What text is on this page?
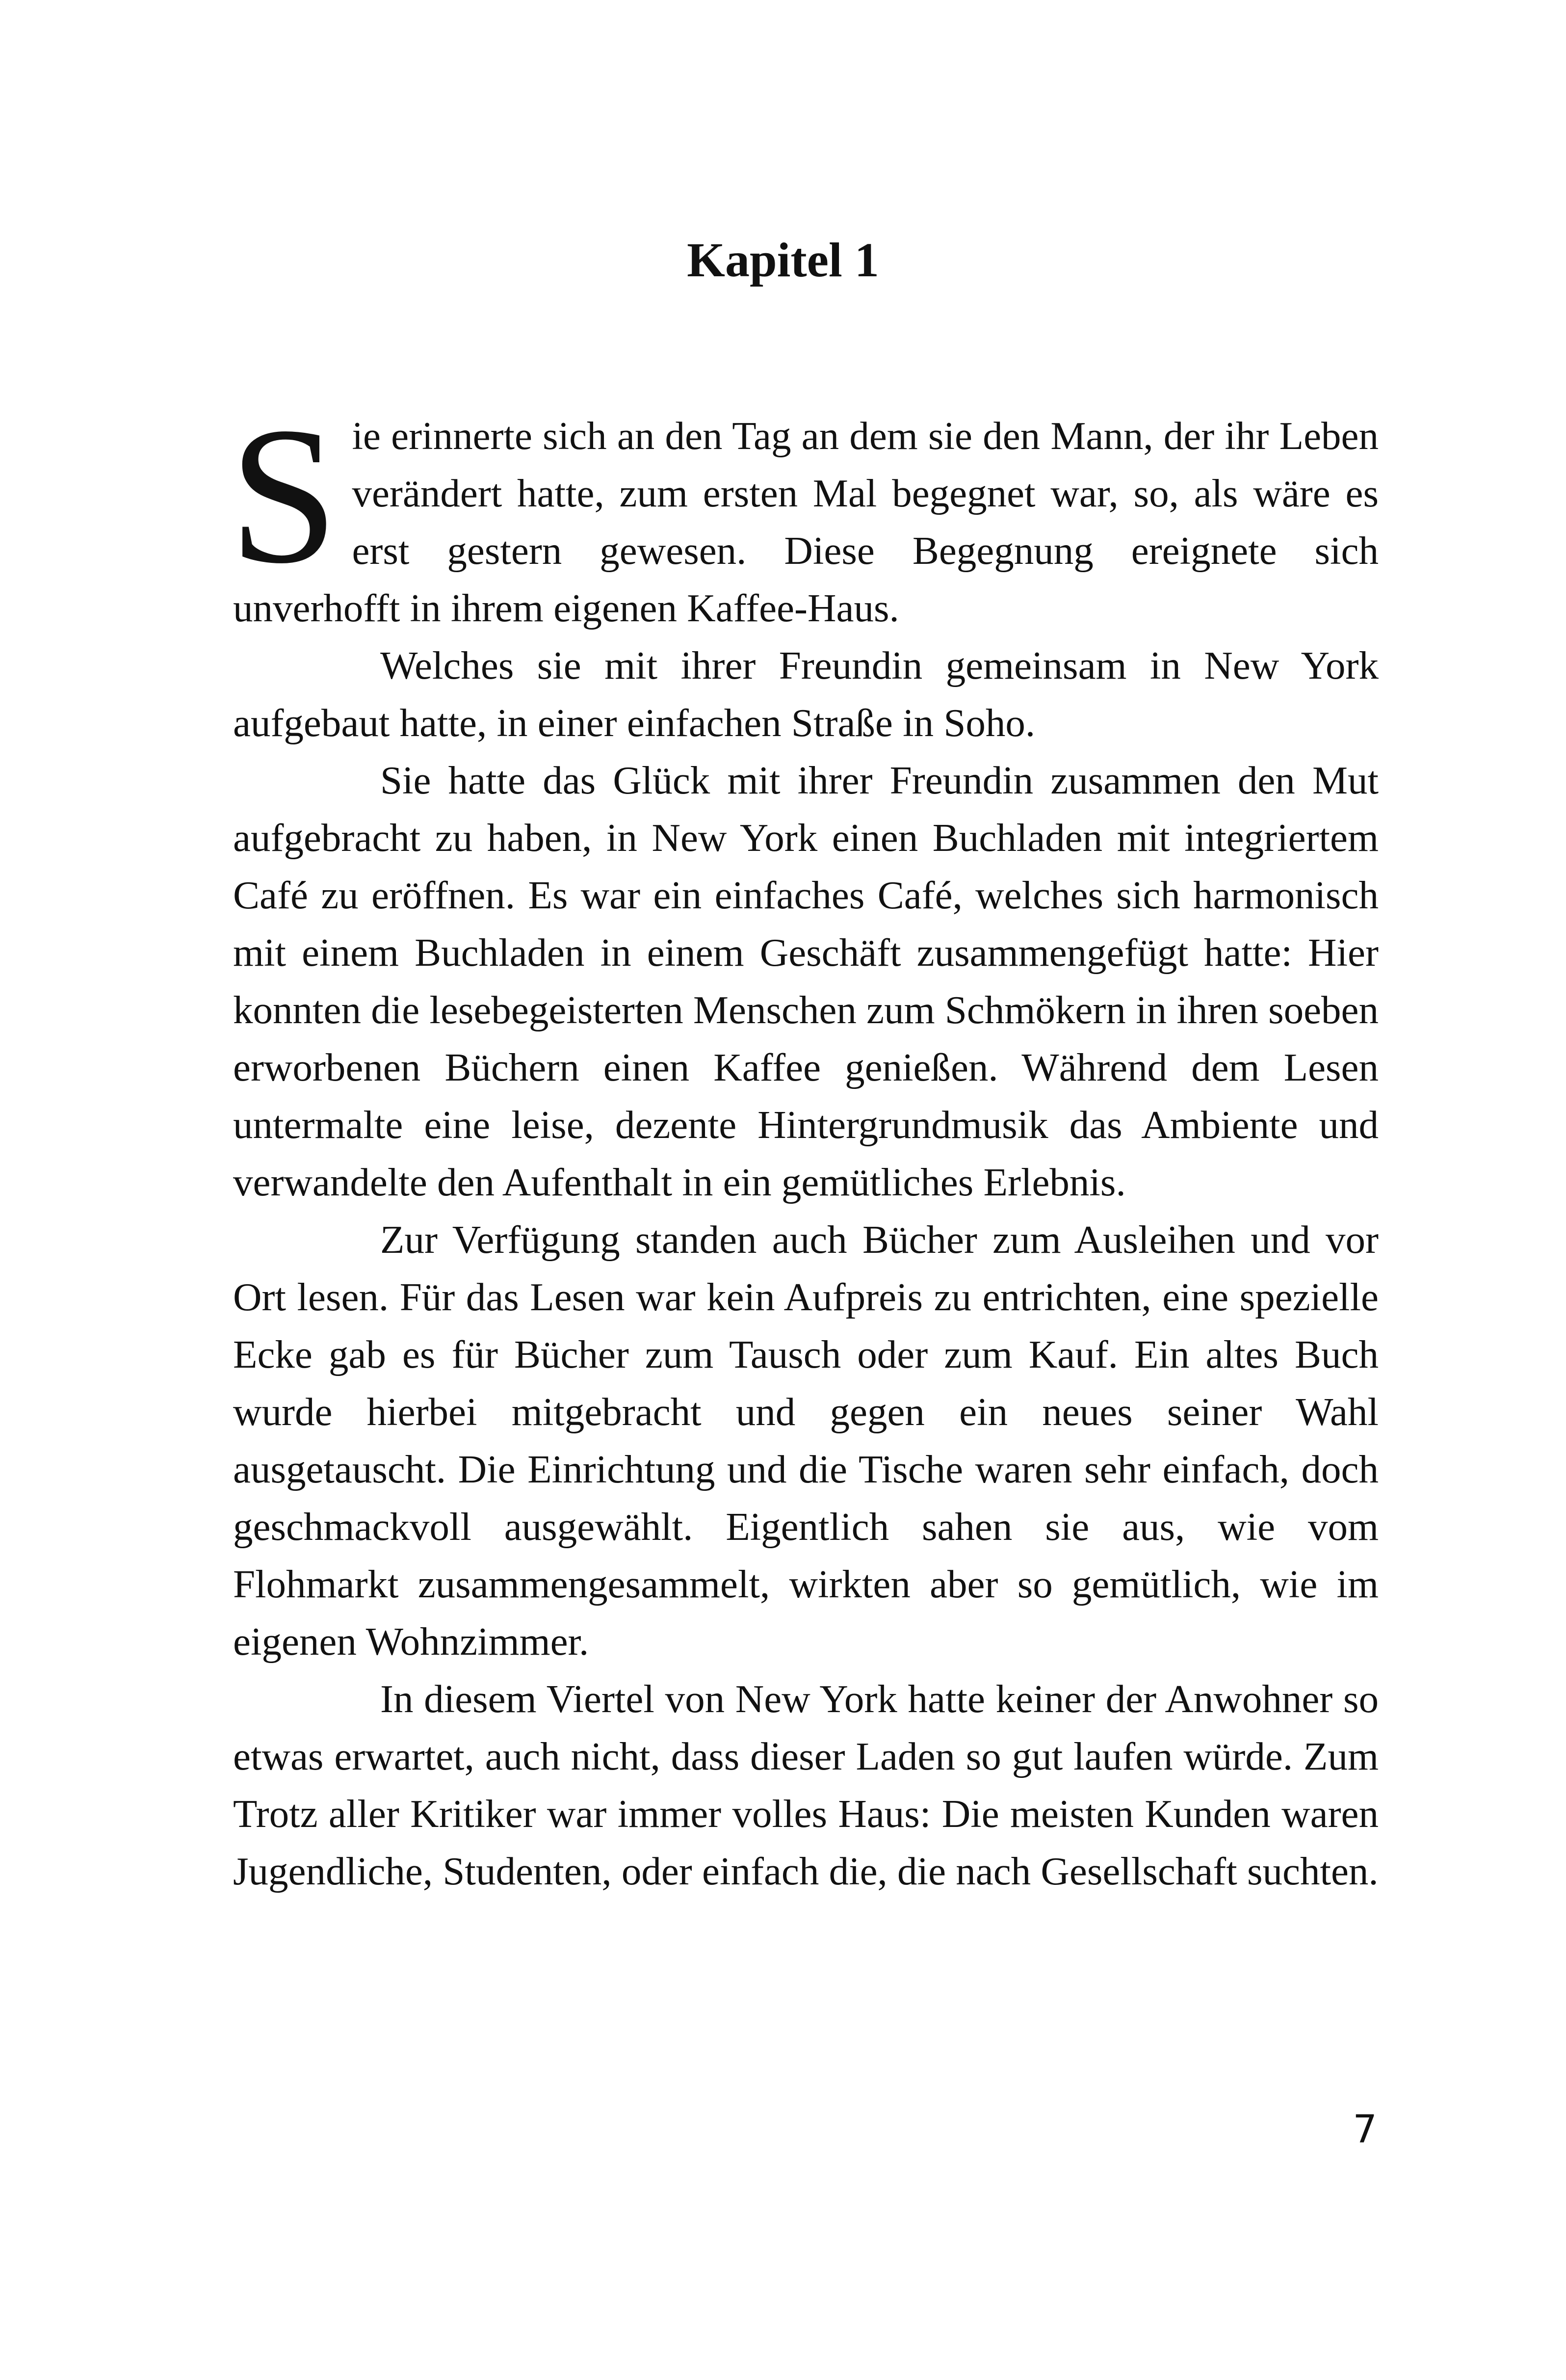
Kapitel 1

Sie erinnerte sich an den Tag an dem sie den Mann, der ihr Leben verändert hatte, zum ersten Mal begegnet war, so, als wäre es erst gestern gewesen. Diese Begegnung ereignete sich unverhofft in ihrem eigenen Kaffee-Haus.

Welches sie mit ihrer Freundin gemeinsam in New York aufgebaut hatte, in einer einfachen Straße in Soho.

Sie hatte das Glück mit ihrer Freundin zusammen den Mut aufgebracht zu haben, in New York einen Buchladen mit integriertem Café zu eröffnen. Es war ein einfaches Café, welches sich harmonisch mit einem Buchladen in einem Geschäft zusammengefügt hatte: Hier konnten die lesebegeisterten Menschen zum Schmökern in ihren soeben erworbenen Büchern einen Kaffee genießen. Während dem Lesen untermalte eine leise, dezente Hintergrundmusik das Ambiente und verwandelte den Aufenthalt in ein gemütliches Erlebnis.

Zur Verfügung standen auch Bücher zum Ausleihen und vor Ort lesen. Für das Lesen war kein Aufpreis zu entrichten, eine spezielle Ecke gab es für Bücher zum Tausch oder zum Kauf. Ein altes Buch wurde hierbei mitgebracht und gegen ein neues seiner Wahl ausgetauscht. Die Einrichtung und die Tische waren sehr einfach, doch geschmackvoll ausgewählt. Eigentlich sahen sie aus, wie vom Flohmarkt zusammengesammelt, wirkten aber so gemütlich, wie im eigenen Wohnzimmer.

In diesem Viertel von New York hatte keiner der Anwohner so etwas erwartet, auch nicht, dass dieser Laden so gut laufen würde. Zum Trotz aller Kritiker war immer volles Haus: Die meisten Kunden waren Jugendliche, Studenten, oder einfach die, die nach Gesellschaft suchten.

7
